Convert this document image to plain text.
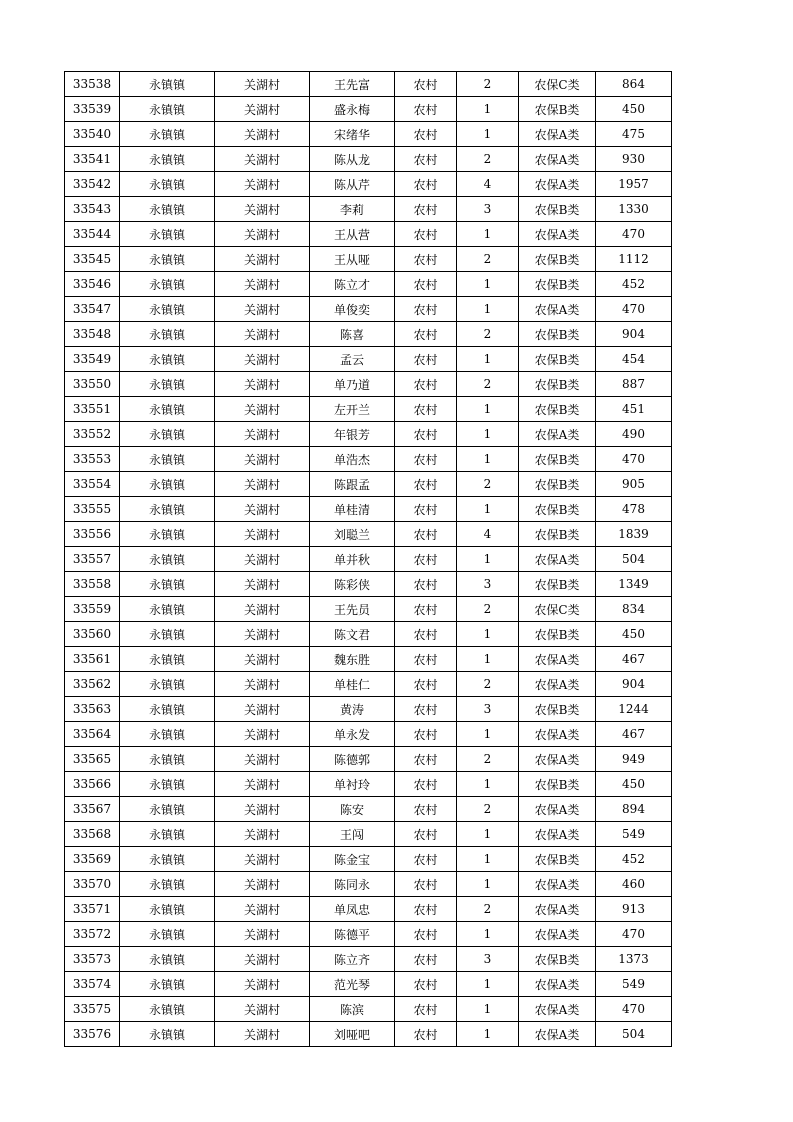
33538	永镇镇	关湖村	王先富	农村	2	农保C类	864
33539	永镇镇	关湖村	盛永梅	农村	1	农保B类	450
33540	永镇镇	关湖村	宋绪华	农村	1	农保A类	475
33541	永镇镇	关湖村	陈从龙	农村	2	农保A类	930
33542	永镇镇	关湖村	陈从芹	农村	4	农保A类	1957
33543	永镇镇	关湖村	李莉	农村	3	农保B类	1330
33544	永镇镇	关湖村	王从营	农村	1	农保A类	470
33545	永镇镇	关湖村	王从哑	农村	2	农保B类	1112
33546	永镇镇	关湖村	陈立才	农村	1	农保B类	452
33547	永镇镇	关湖村	单俊奕	农村	1	农保A类	470
33548	永镇镇	关湖村	陈喜	农村	2	农保B类	904
33549	永镇镇	关湖村	孟云	农村	1	农保B类	454
33550	永镇镇	关湖村	单乃道	农村	2	农保B类	887
33551	永镇镇	关湖村	左开兰	农村	1	农保B类	451
33552	永镇镇	关湖村	年银芳	农村	1	农保A类	490
33553	永镇镇	关湖村	单浩杰	农村	1	农保B类	470
33554	永镇镇	关湖村	陈跟孟	农村	2	农保B类	905
33555	永镇镇	关湖村	单桂清	农村	1	农保B类	478
33556	永镇镇	关湖村	刘聪兰	农村	4	农保B类	1839
33557	永镇镇	关湖村	单并秋	农村	1	农保A类	504
33558	永镇镇	关湖村	陈彩侠	农村	3	农保B类	1349
33559	永镇镇	关湖村	王先员	农村	2	农保C类	834
33560	永镇镇	关湖村	陈文君	农村	1	农保B类	450
33561	永镇镇	关湖村	魏东胜	农村	1	农保A类	467
33562	永镇镇	关湖村	单桂仁	农村	2	农保A类	904
33563	永镇镇	关湖村	黄涛	农村	3	农保B类	1244
33564	永镇镇	关湖村	单永发	农村	1	农保A类	467
33565	永镇镇	关湖村	陈德郭	农村	2	农保A类	949
33566	永镇镇	关湖村	单衬玲	农村	1	农保B类	450
33567	永镇镇	关湖村	陈安	农村	2	农保A类	894
33568	永镇镇	关湖村	王闯	农村	1	农保A类	549
33569	永镇镇	关湖村	陈金宝	农村	1	农保B类	452
33570	永镇镇	关湖村	陈同永	农村	1	农保A类	460
33571	永镇镇	关湖村	单凤忠	农村	2	农保A类	913
33572	永镇镇	关湖村	陈德平	农村	1	农保A类	470
33573	永镇镇	关湖村	陈立齐	农村	3	农保B类	1373
33574	永镇镇	关湖村	范光琴	农村	1	农保A类	549
33575	永镇镇	关湖村	陈滨	农村	1	农保A类	470
33576	永镇镇	关湖村	刘哑吧	农村	1	农保A类	504
